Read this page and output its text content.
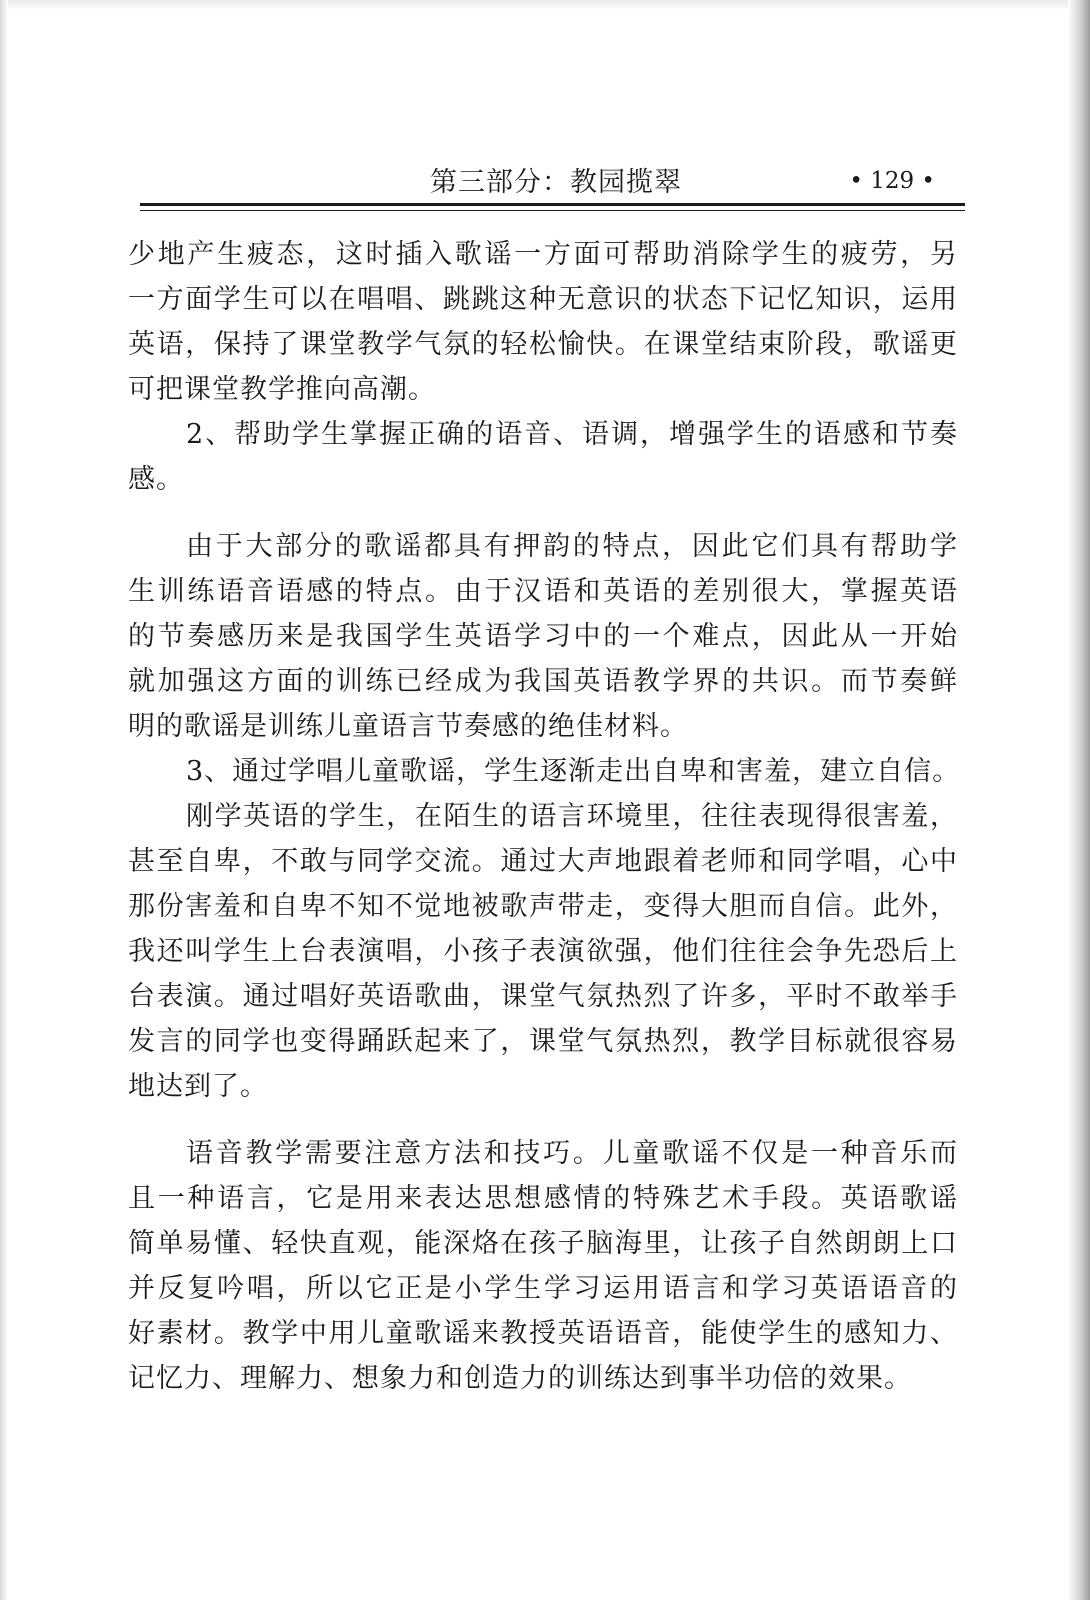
第三部分：教园揽翠	• 129 •
少地产生疲态，这时插入歌谣一方面可帮助消除学生的疲劳，另
一方面学生可以在唱唱、跳跳这种无意识的状态下记忆知识，运用
英语，保持了课堂教学气氛的轻松愉快。在课堂结束阶段，歌谣更
可把课堂教学推向高潮。
2、帮助学生掌握正确的语音、语调，增强学生的语感和节奏
感。
由于大部分的歌谣都具有押韵的特点，因此它们具有帮助学
生训练语音语感的特点。由于汉语和英语的差别很大，掌握英语
的节奏感历来是我国学生英语学习中的一个难点，因此从一开始
就加强这方面的训练已经成为我国英语教学界的共识。而节奏鲜
明的歌谣是训练儿童语言节奏感的绝佳材料。
3、通过学唱儿童歌谣，学生逐渐走出自卑和害羞，建立自信。
刚学英语的学生，在陌生的语言环境里，往往表现得很害羞，
甚至自卑，不敢与同学交流。通过大声地跟着老师和同学唱，心中
那份害羞和自卑不知不觉地被歌声带走，变得大胆而自信。此外，
我还叫学生上台表演唱，小孩子表演欲强，他们往往会争先恐后上
台表演。通过唱好英语歌曲，课堂气氛热烈了许多，平时不敢举手
发言的同学也变得踊跃起来了，课堂气氛热烈，教学目标就很容易
地达到了。
语音教学需要注意方法和技巧。儿童歌谣不仅是一种音乐而
且一种语言，它是用来表达思想感情的特殊艺术手段。英语歌谣
简单易懂、轻快直观，能深烙在孩子脑海里，让孩子自然朗朗上口
并反复吟唱，所以它正是小学生学习运用语言和学习英语语音的
好素材。教学中用儿童歌谣来教授英语语音，能使学生的感知力、
记忆力、理解力、想象力和创造力的训练达到事半功倍的效果。
